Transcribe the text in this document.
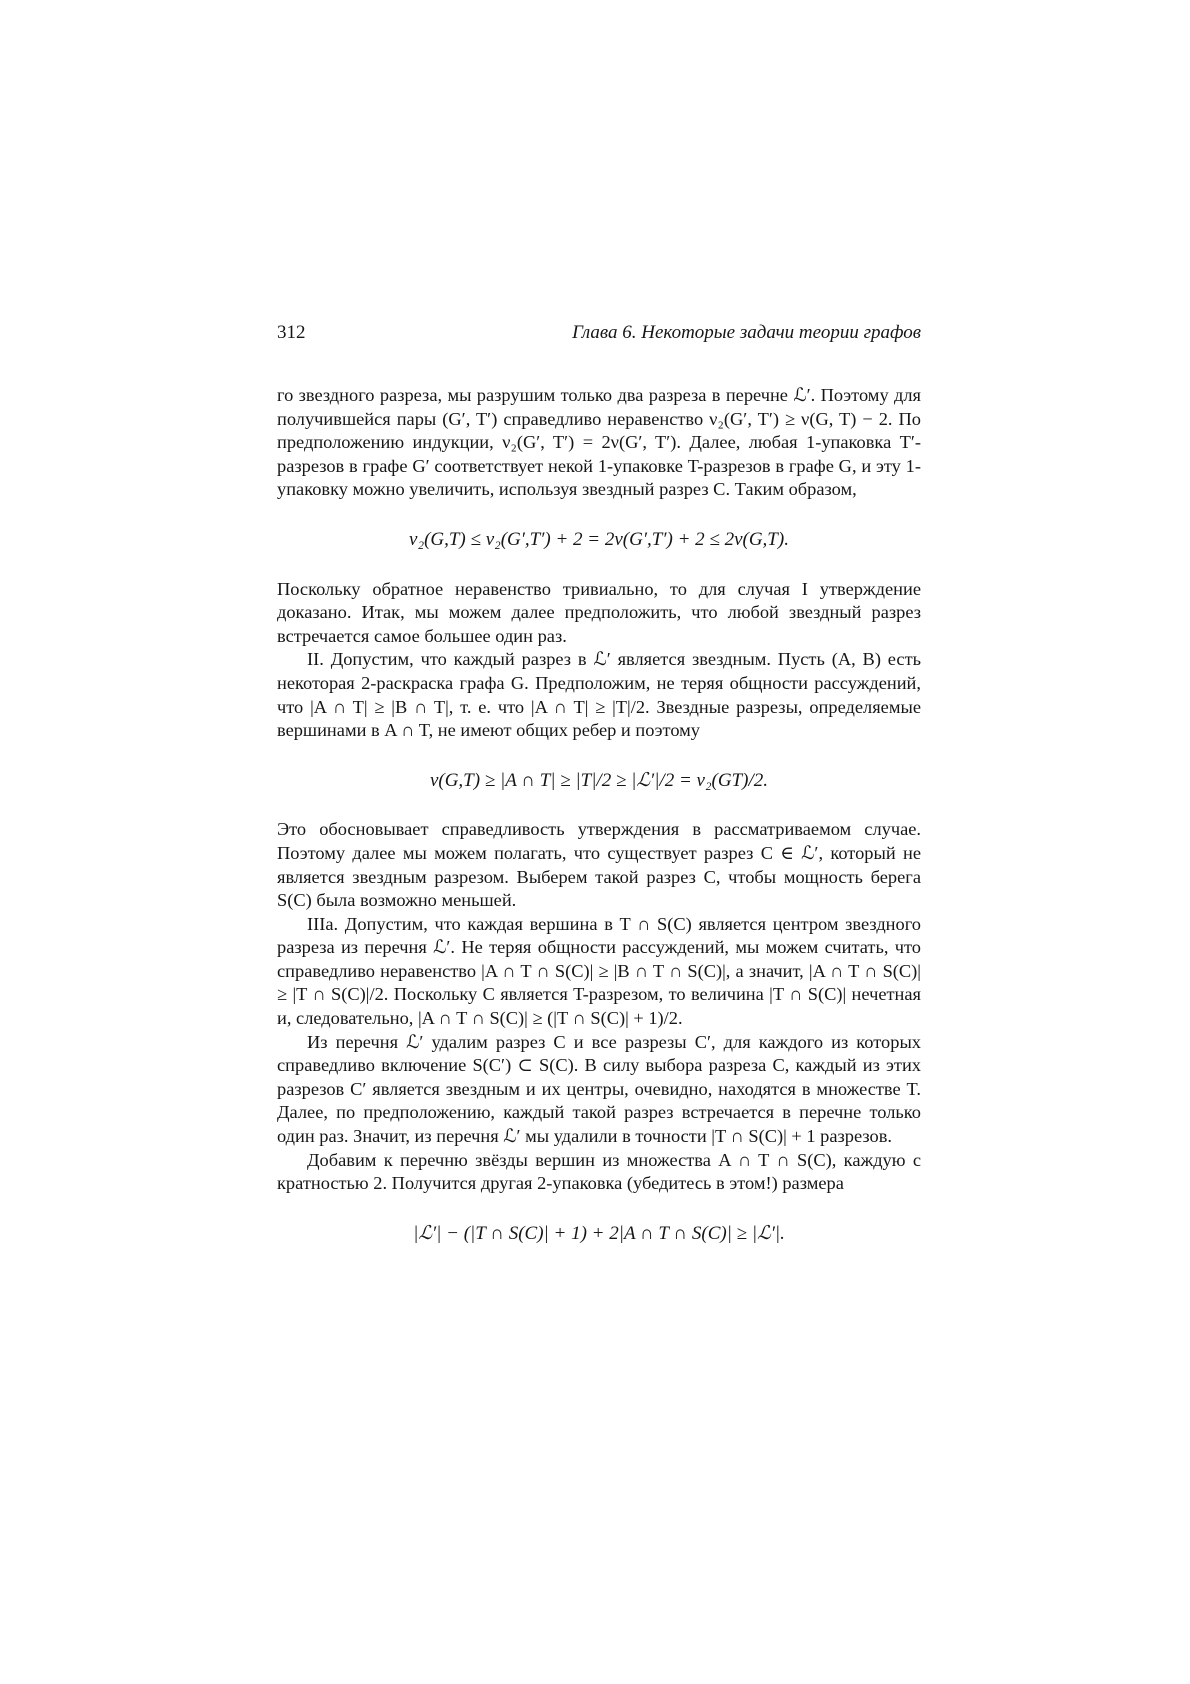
312	Глава 6. Некоторые задачи теории графов

го звездного разреза, мы разрушим только два разреза в перечне ℒ′. Поэтому для получившейся пары (G′, T′) справедливо неравенство ν₂(G′, T′) ≥ ν(G, T) − 2. По предположению индукции, ν₂(G′, T′) = 2ν(G′, T′). Далее, любая 1-упаковка T′-разрезов в графе G′ соответствует некой 1-упаковке T-разрезов в графе G, и эту 1-упаковку можно увеличить, используя звездный разрез C. Таким образом,

ν₂(G,T) ≤ ν₂(G′,T′) + 2 = 2ν(G′,T′) + 2 ≤ 2ν(G,T).

Поскольку обратное неравенство тривиально, то для случая I утверждение доказано. Итак, мы можем далее предположить, что любой звездный разрез встречается самое большее один раз.

II. Допустим, что каждый разрез в ℒ′ является звездным. Пусть (A, B) есть некоторая 2-раскраска графа G. Предположим, не теряя общности рассуждений, что |A ∩ T| ≥ |B ∩ T|, т. е. что |A ∩ T| ≥ |T|/2. Звездные разрезы, определяемые вершинами в A ∩ T, не имеют общих ребер и поэтому

ν(G,T) ≥ |A ∩ T| ≥ |T|/2 ≥ |ℒ′|/2 = ν₂(GT)/2.

Это обосновывает справедливость утверждения в рассматриваемом случае. Поэтому далее мы можем полагать, что существует разрез C ∈ ℒ′, который не является звездным разрезом. Выберем такой разрез C, чтобы мощность берега S(C) была возможно меньшей.

IIIa. Допустим, что каждая вершина в T ∩ S(C) является центром звездного разреза из перечня ℒ′. Не теряя общности рассуждений, мы можем считать, что справедливо неравенство |A ∩ T ∩ S(C)| ≥ |B ∩ T ∩ S(C)|, а значит, |A ∩ T ∩ S(C)| ≥ |T ∩ S(C)|/2. Поскольку C является T-разрезом, то величина |T ∩ S(C)| нечетная и, следовательно, |A ∩ T ∩ S(C)| ≥ (|T ∩ S(C)| + 1)/2.

Из перечня ℒ′ удалим разрез C и все разрезы C′, для каждого из которых справедливо включение S(C′) ⊂ S(C). В силу выбора разреза C, каждый из этих разрезов C′ является звездным и их центры, очевидно, находятся в множестве T. Далее, по предположению, каждый такой разрез встречается в перечне только один раз. Значит, из перечня ℒ′ мы удалили в точности |T ∩ S(C)| + 1 разрезов.

Добавим к перечню звёзды вершин из множества A ∩ T ∩ S(C), каждую с кратностью 2. Получится другая 2-упаковка (убедитесь в этом!) размера

|ℒ′| − (|T ∩ S(C)| + 1) + 2|A ∩ T ∩ S(C)| ≥ |ℒ′|.
